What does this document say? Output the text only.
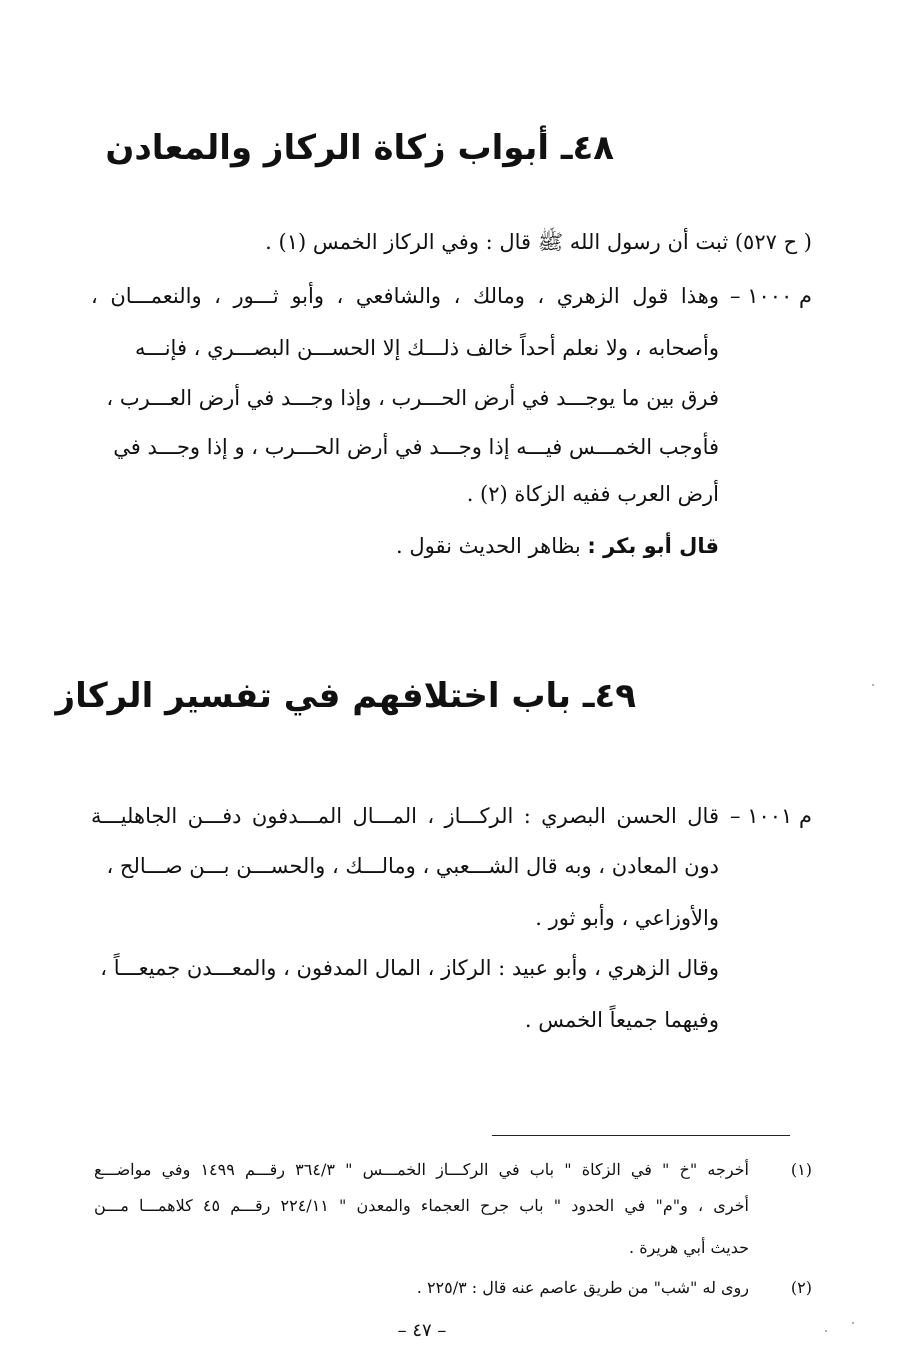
٤٨ـ أبواب زكاة الركاز والمعادن
( ح ٥٢٧) ثبت أن رسول الله ﷺ قال : وفي الركاز الخمس (١) .
م ١٠٠٠ –
وهذا قول الزهري ، ومالك ، والشافعي ، وأبو ثـــور ، والنعمـــان ،
وأصحابه ، ولا نعلم أحداً خالف ذلـــك إلا الحســـن البصـــري ، فإنـــه
فرق بين ما يوجـــد في أرض الحـــرب ، وإذا وجـــد في أرض العـــرب ،
فأوجب الخمـــس فيـــه إذا وجـــد في أرض الحـــرب ، و إذا وجـــد في
أرض العرب ففيه الزكاة (٢) .
قال أبو بكر : بظاهر الحديث نقول .
٤٩ـ باب اختلافهم في تفسير الركاز
م ١٠٠١ –
قال الحسن البصري : الركـــاز ، المـــال المـــدفون دفـــن الجاهليـــة
دون المعادن ، وبه قال الشـــعبي ، ومالـــك ، والحســـن بـــن صـــالح ،
والأوزاعي ، وأبو ثور .
وقال الزهري ، وأبو عبيد : الركاز ، المال المدفون ، والمعـــدن جميعـــاً ،
وفيهما جميعاً الخمس .
(١)
أخرجه "خ " في الزكاة " باب في الركـــاز الخمـــس " ٣٦٤/٣ رقـــم ١٤٩٩ وفي مواضـــع
أخرى ، و"م" في الحدود " باب جرح العجماء والمعدن " ٢٢٤/١١ رقـــم ٤٥ كلاهمـــا مـــن
حديث أبي هريرة .
(٢)
روى له "شب" من طريق عاصم عنه قال : ٢٢٥/٣ .
– ٤٧ –
